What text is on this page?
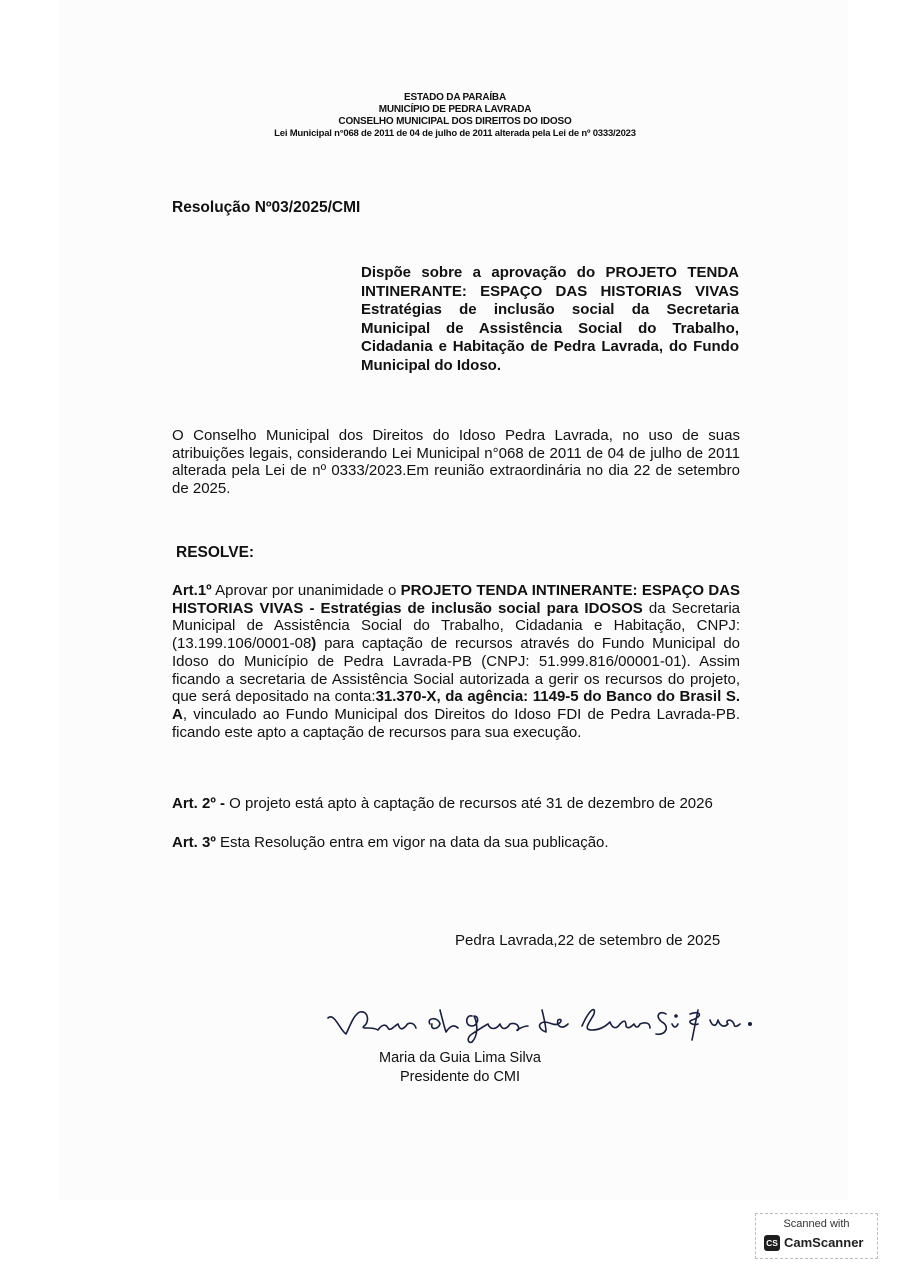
ESTADO DA PARAÍBA
MUNICÍPIO DE PEDRA LAVRADA
CONSELHO MUNICIPAL DOS DIREITOS DO IDOSO
Lei Municipal n°068 de 2011 de 04 de julho de 2011 alterada pela Lei de nº 0333/2023
Resolução Nº03/2025/CMI
Dispõe sobre a aprovação do PROJETO TENDA INTINERANTE: ESPAÇO DAS HISTORIAS VIVAS Estratégias de inclusão social da Secretaria Municipal de Assistência Social do Trabalho, Cidadania e Habitação de Pedra Lavrada, do Fundo Municipal do Idoso.
O Conselho Municipal dos Direitos do Idoso Pedra Lavrada, no uso de suas atribuições legais, considerando Lei Municipal n°068 de 2011 de 04 de julho de 2011 alterada pela Lei de nº 0333/2023.Em reunião extraordinária no dia 22 de setembro de 2025.
RESOLVE:
Art.1º Aprovar por unanimidade o PROJETO TENDA INTINERANTE: ESPAÇO DAS HISTORIAS VIVAS - Estratégias de inclusão social para IDOSOS da Secretaria Municipal de Assistência Social do Trabalho, Cidadania e Habitação, CNPJ: (13.199.106/0001-08) para captação de recursos através do Fundo Municipal do Idoso do Município de Pedra Lavrada-PB (CNPJ: 51.999.816/00001-01). Assim ficando a secretaria de Assistência Social autorizada a gerir os recursos do projeto, que será depositado na conta:31.370-X, da agência: 1149-5 do Banco do Brasil S. A, vinculado ao Fundo Municipal dos Direitos do Idoso FDI de Pedra Lavrada-PB. ficando este apto a captação de recursos para sua execução.
Art. 2º - O projeto está apto à captação de recursos até 31 de dezembro de 2026
Art. 3º Esta Resolução entra em vigor na data da sua publicação.
Pedra Lavrada,22 de setembro de 2025
Maria da Guia Lima Silva
Presidente do CMI
Scanned with
CS CamScanner
